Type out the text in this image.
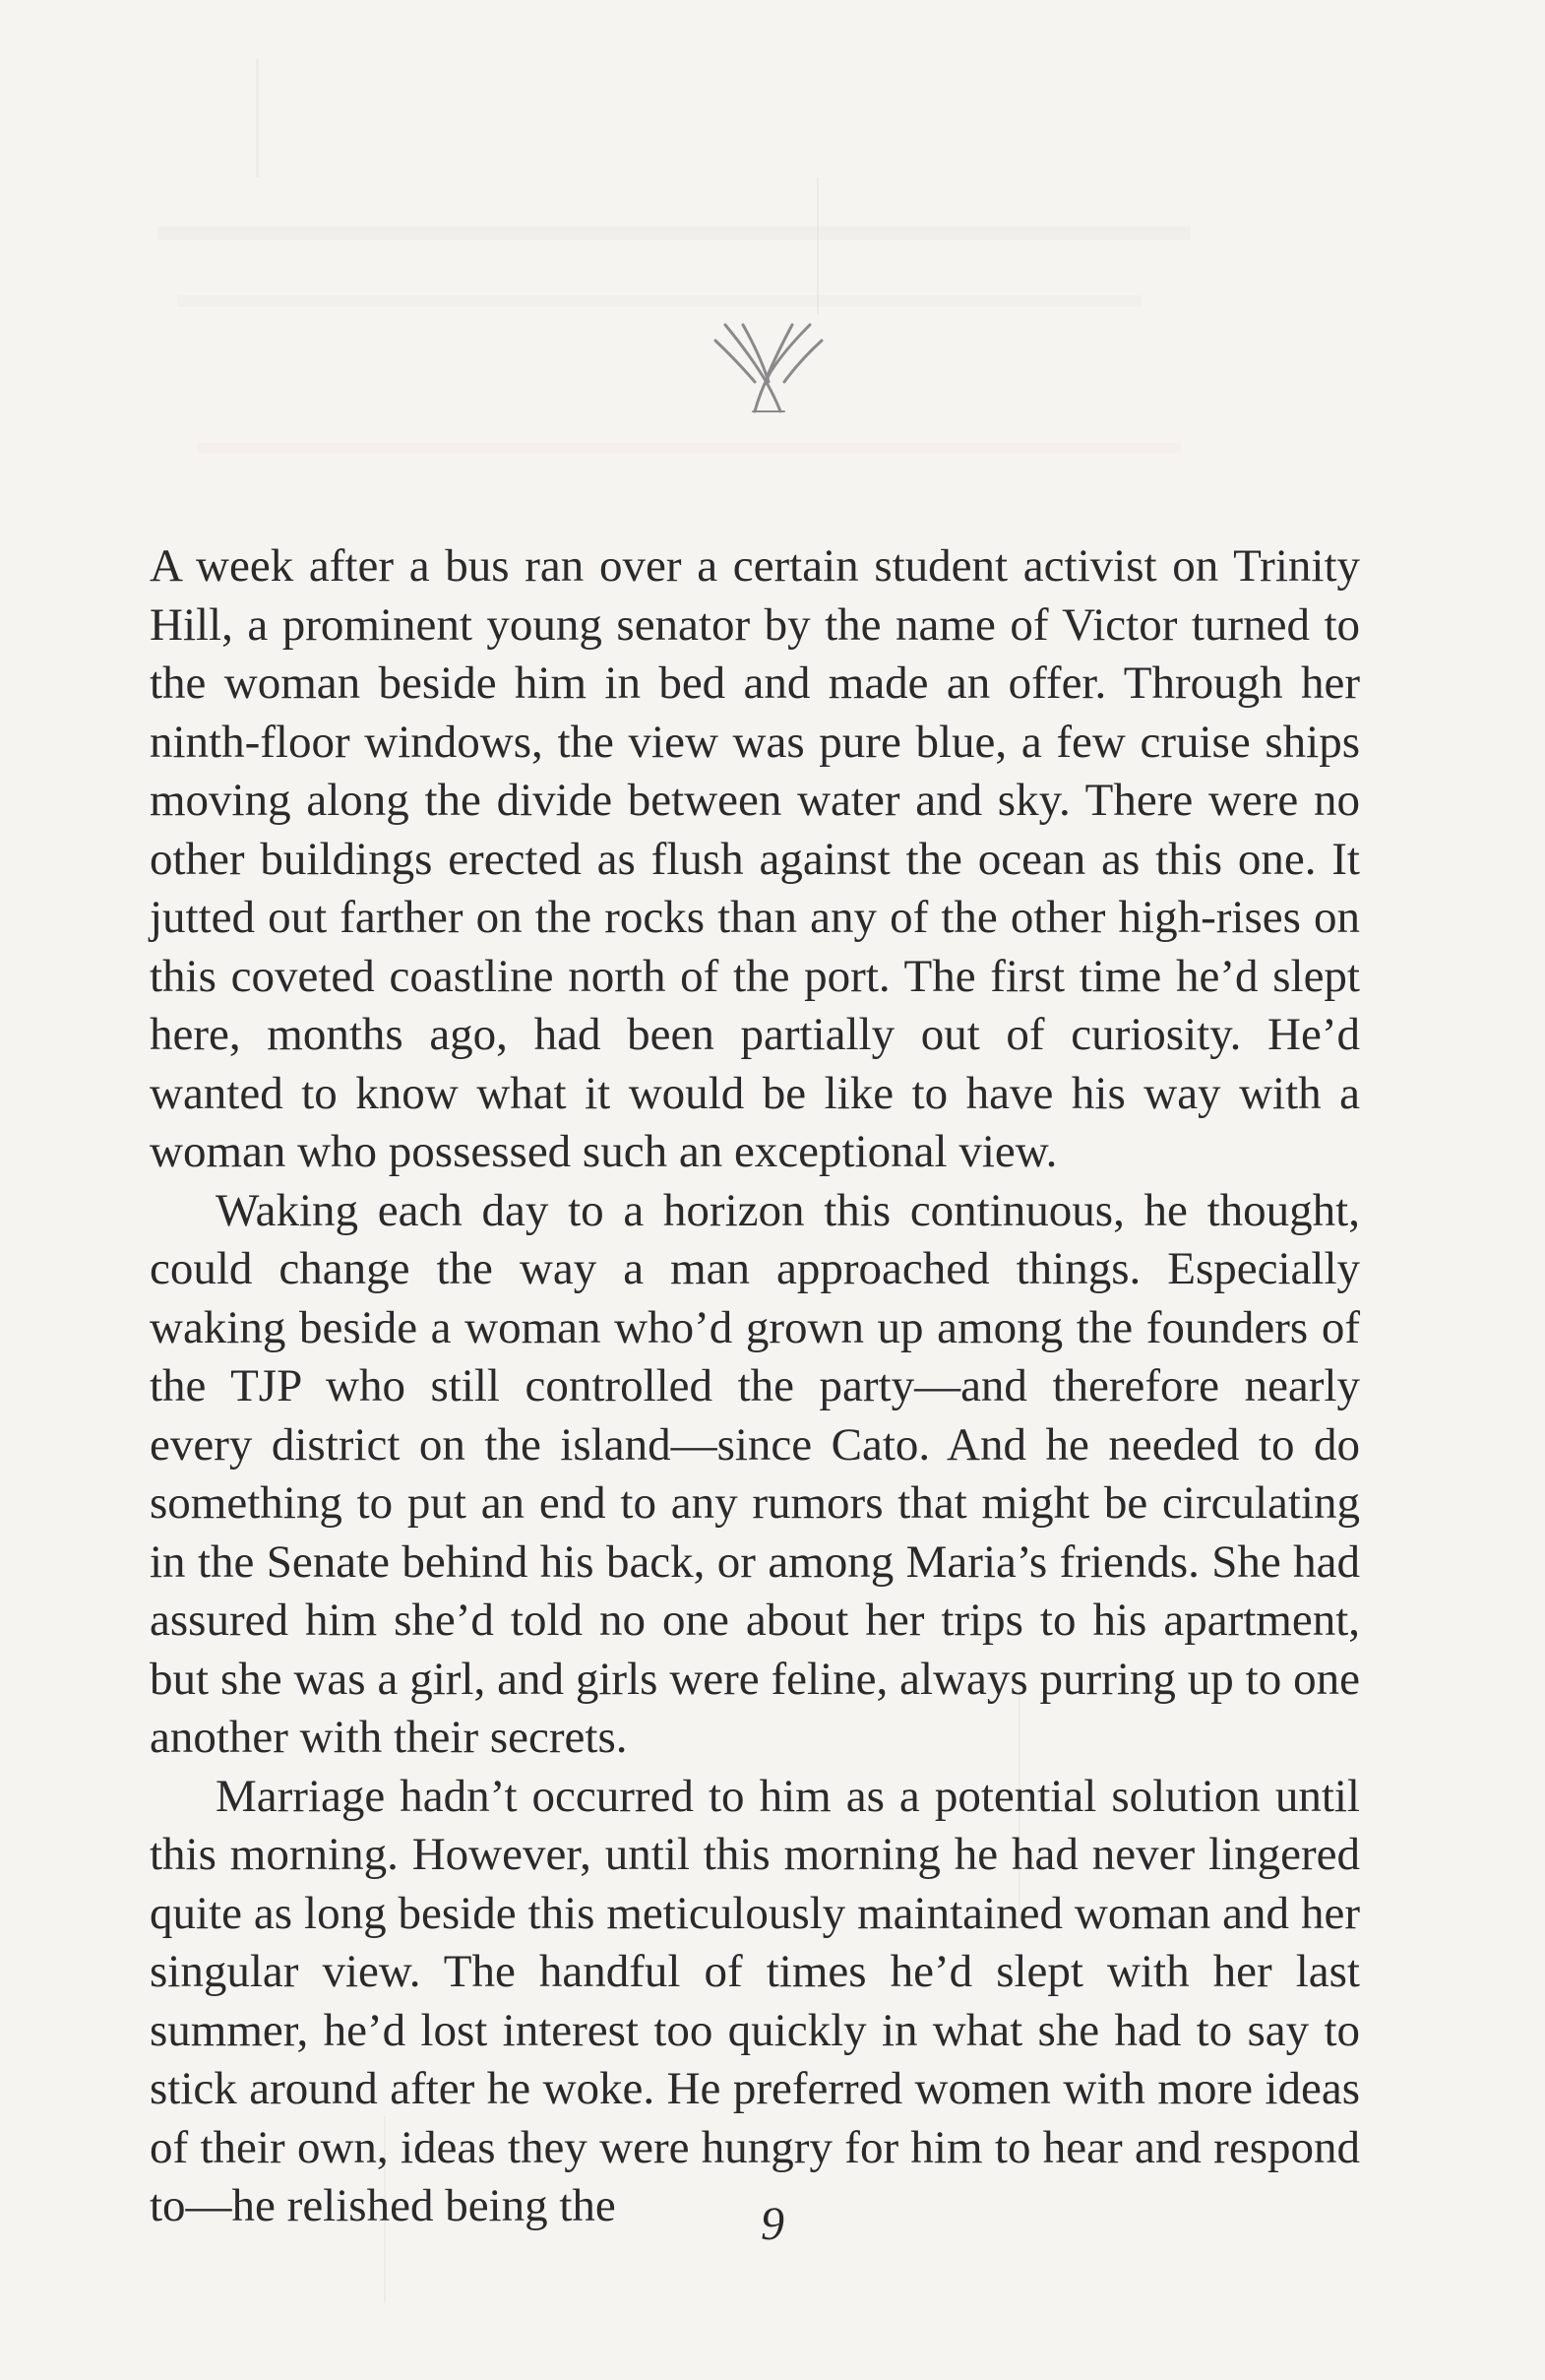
A week after a bus ran over a certain student activist on Trinity Hill, a prominent young senator by the name of Victor turned to the woman beside him in bed and made an offer. Through her ninth-floor windows, the view was pure blue, a few cruise ships moving along the divide between water and sky. There were no other buildings erected as flush against the ocean as this one. It jutted out farther on the rocks than any of the other high-rises on this coveted coastline north of the port. The first time he’d slept here, months ago, had been partially out of curiosity. He’d wanted to know what it would be like to have his way with a woman who possessed such an exceptional view.

Waking each day to a horizon this continuous, he thought, could change the way a man approached things. Especially waking beside a woman who’d grown up among the founders of the TJP who still controlled the party—and therefore nearly every district on the island—since Cato. And he needed to do something to put an end to any rumors that might be circulating in the Senate behind his back, or among Maria’s friends. She had assured him she’d told no one about her trips to his apartment, but she was a girl, and girls were feline, always purring up to one another with their secrets.

Marriage hadn’t occurred to him as a potential solution until this morning. However, until this morning he had never lingered quite as long beside this meticulously maintained woman and her singular view. The handful of times he’d slept with her last summer, he’d lost interest too quickly in what she had to say to stick around after he woke. He preferred women with more ideas of their own, ideas they were hungry for him to hear and respond to—he relished being the	9
